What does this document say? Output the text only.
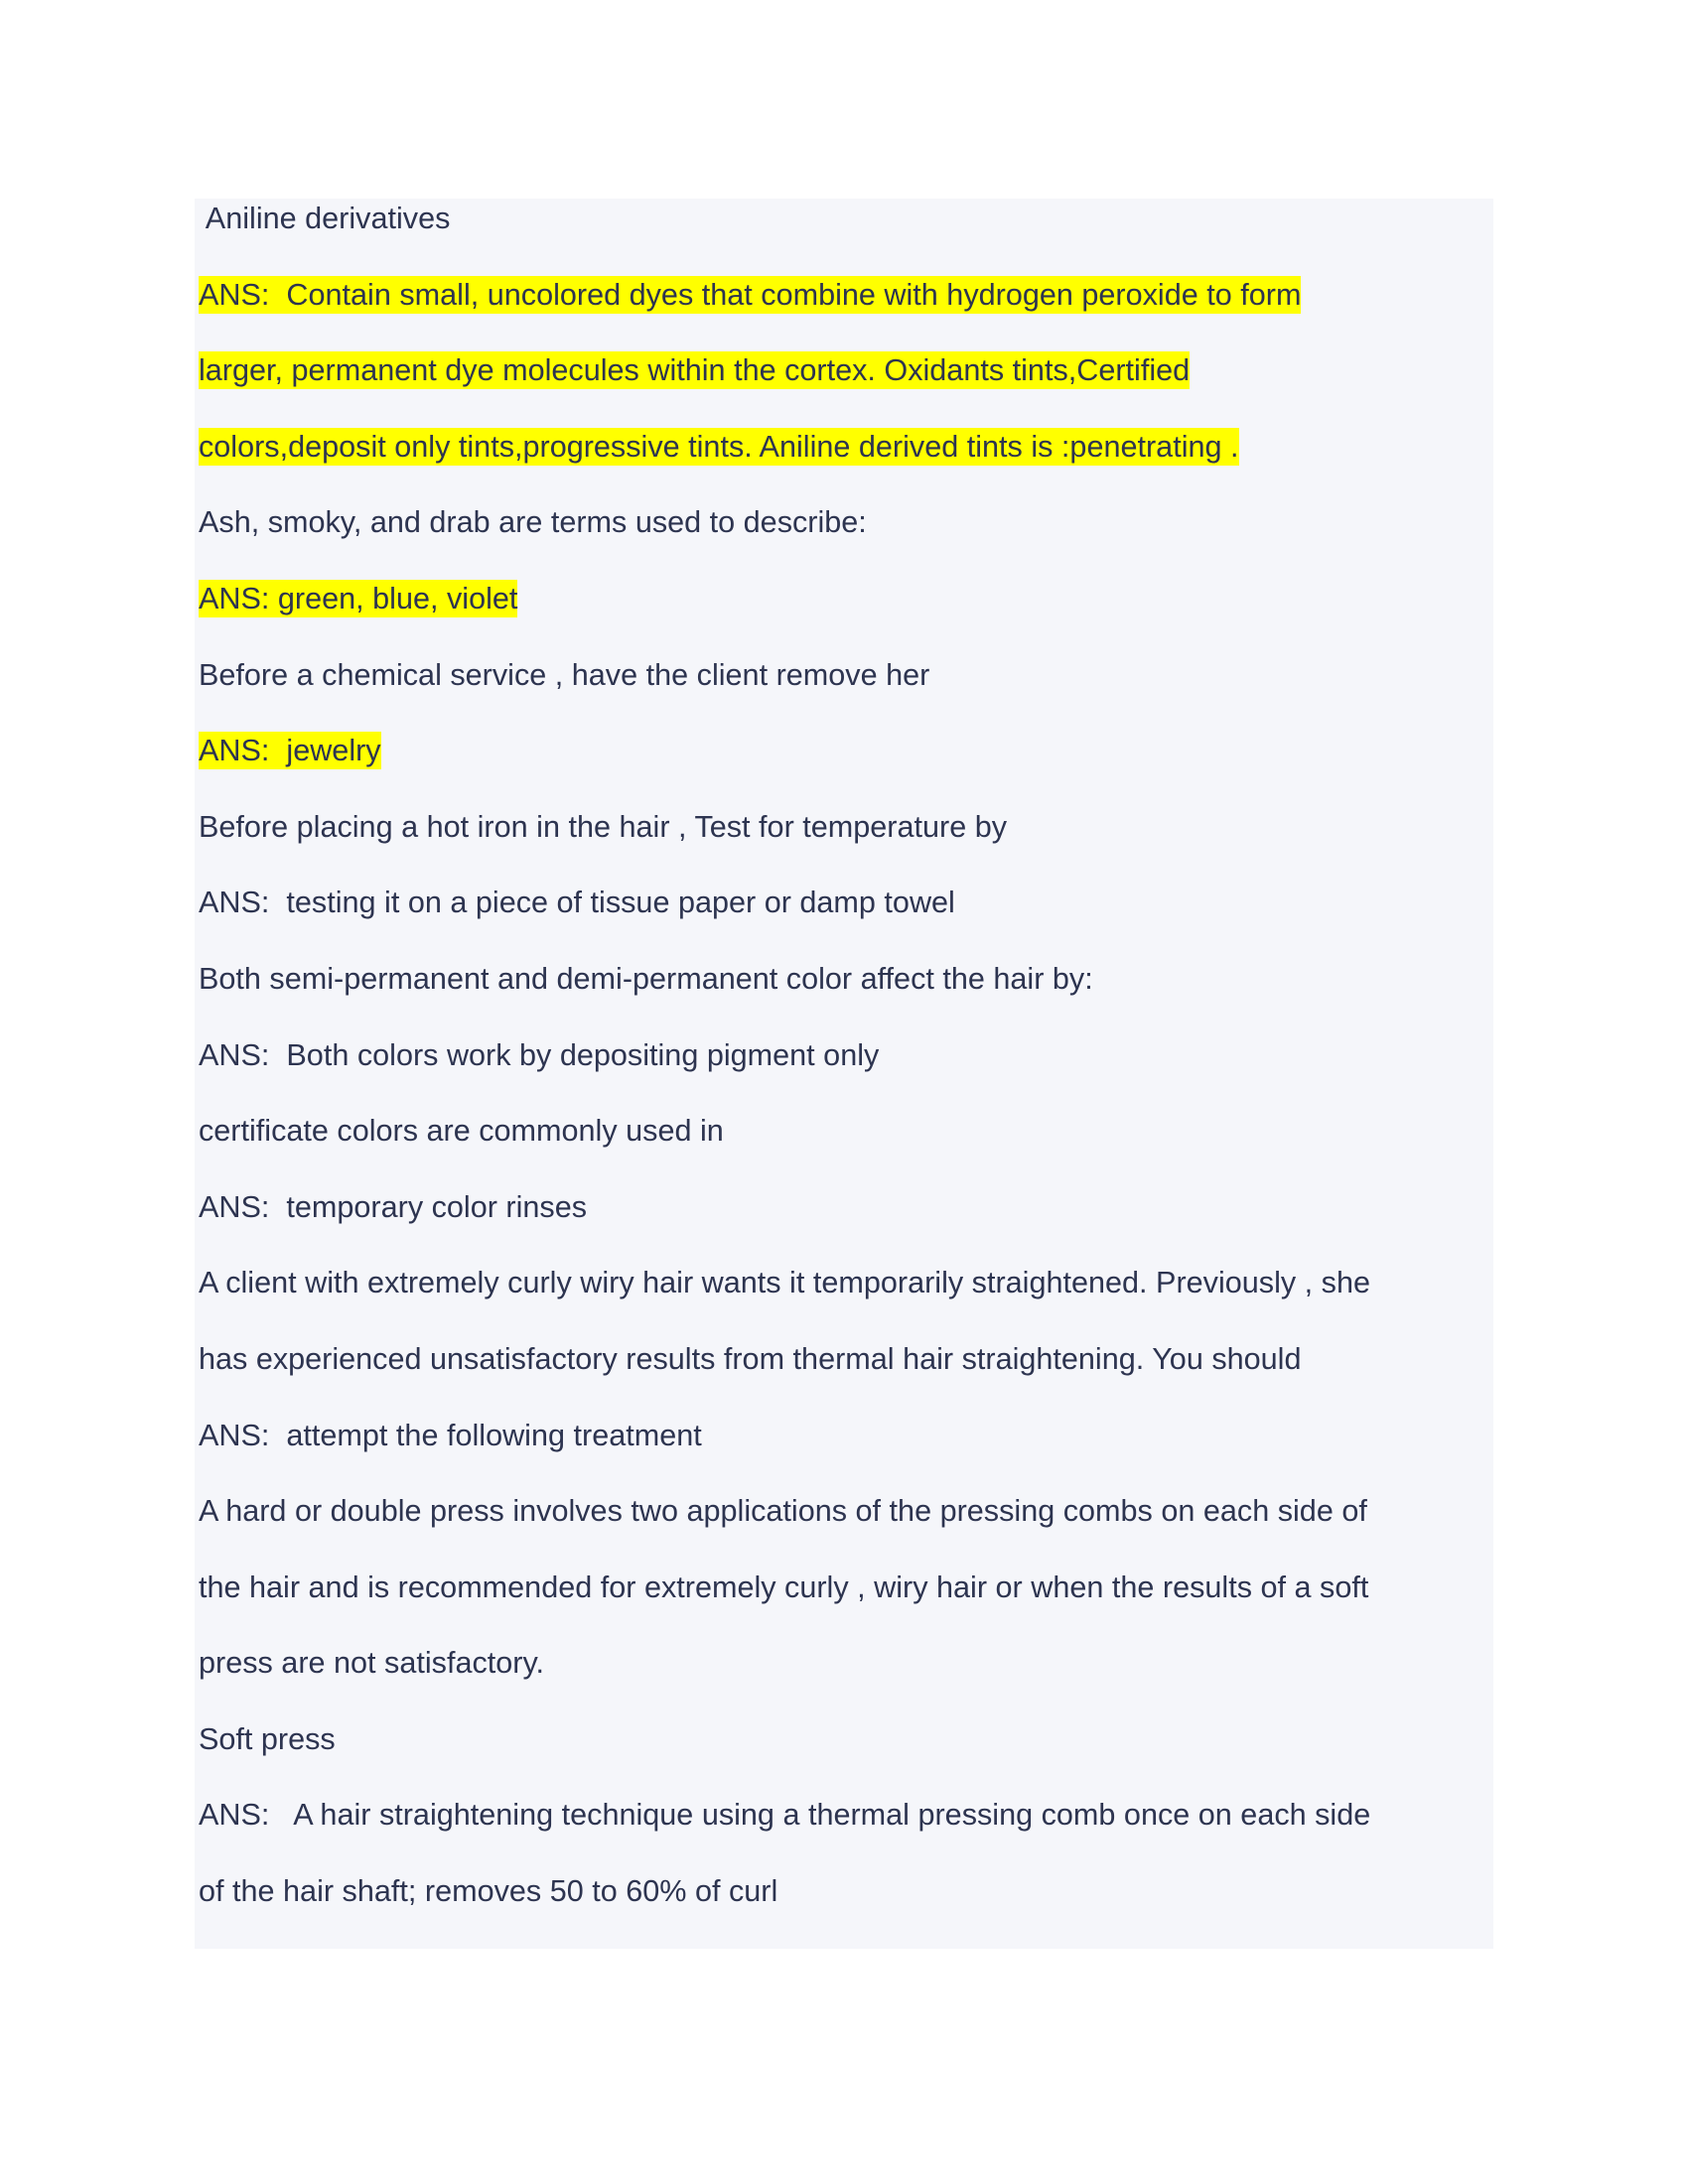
Aniline derivatives
ANS:  Contain small, uncolored dyes that combine with hydrogen peroxide to form
larger, permanent dye molecules within the cortex. Oxidants tints,Certified
colors,deposit only tints,progressive tints. Aniline derived tints is :penetrating .
Ash, smoky, and drab are terms used to describe:
ANS: green, blue, violet
Before a chemical service , have the client remove her
ANS:  jewelry
Before placing a hot iron in the hair , Test for temperature by
ANS:  testing it on a piece of tissue paper or damp towel
Both semi-permanent and demi-permanent color affect the hair by:
ANS:  Both colors work by depositing pigment only
certificate colors are commonly used in
ANS:  temporary color rinses
A client with extremely curly wiry hair wants it temporarily straightened. Previously , she
has experienced unsatisfactory results from thermal hair straightening. You should
ANS:  attempt the following treatment
A hard or double press involves two applications of the pressing combs on each side of
the hair and is recommended for extremely curly , wiry hair or when the results of a soft
press are not satisfactory.
Soft press
ANS:   A hair straightening technique using a thermal pressing comb once on each side
of the hair shaft; removes 50 to 60% of curl
